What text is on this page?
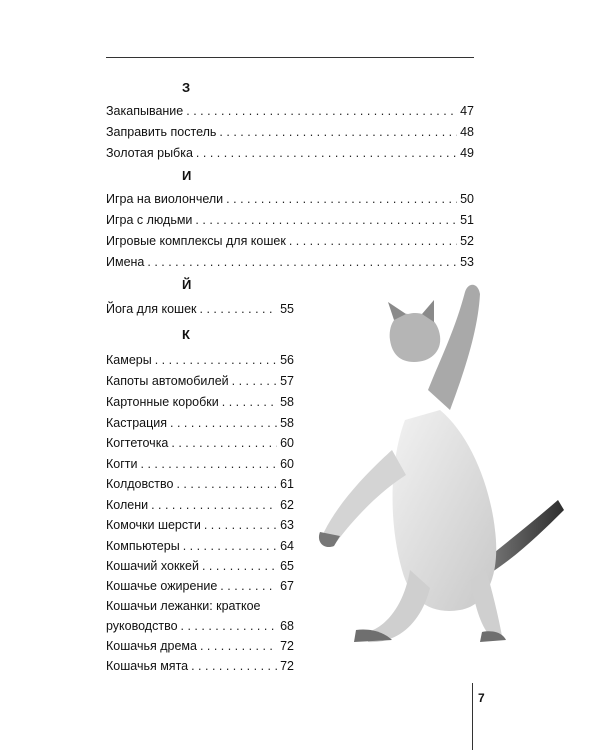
З
Закапывание . . .	47
Заправить постель . . .	48
Золотая рыбка . . .	49
И
Игра на виолончели . . .	50
Игра с людьми . . .	51
Игровые комплексы для кошек . . .	52
Имена . . .	53
Й
Йога для кошек . . .	55
К
Камеры . . .	56
Капоты автомобилей . . .	57
Картонные коробки . . .	58
Кастрация . . .	58
Когтеточка . . .	60
Когти . . .	60
Колдовство . . .	61
Колени . . .	62
Комочки шерсти . . .	63
Компьютеры . . .	64
Кошачий хоккей . . .	65
Кошачье ожирение . . .	67
Кошачьи лежанки: краткое
руководство . . .	68
Кошачья дрема . . .	72
Кошачья мята . . .	72
7
